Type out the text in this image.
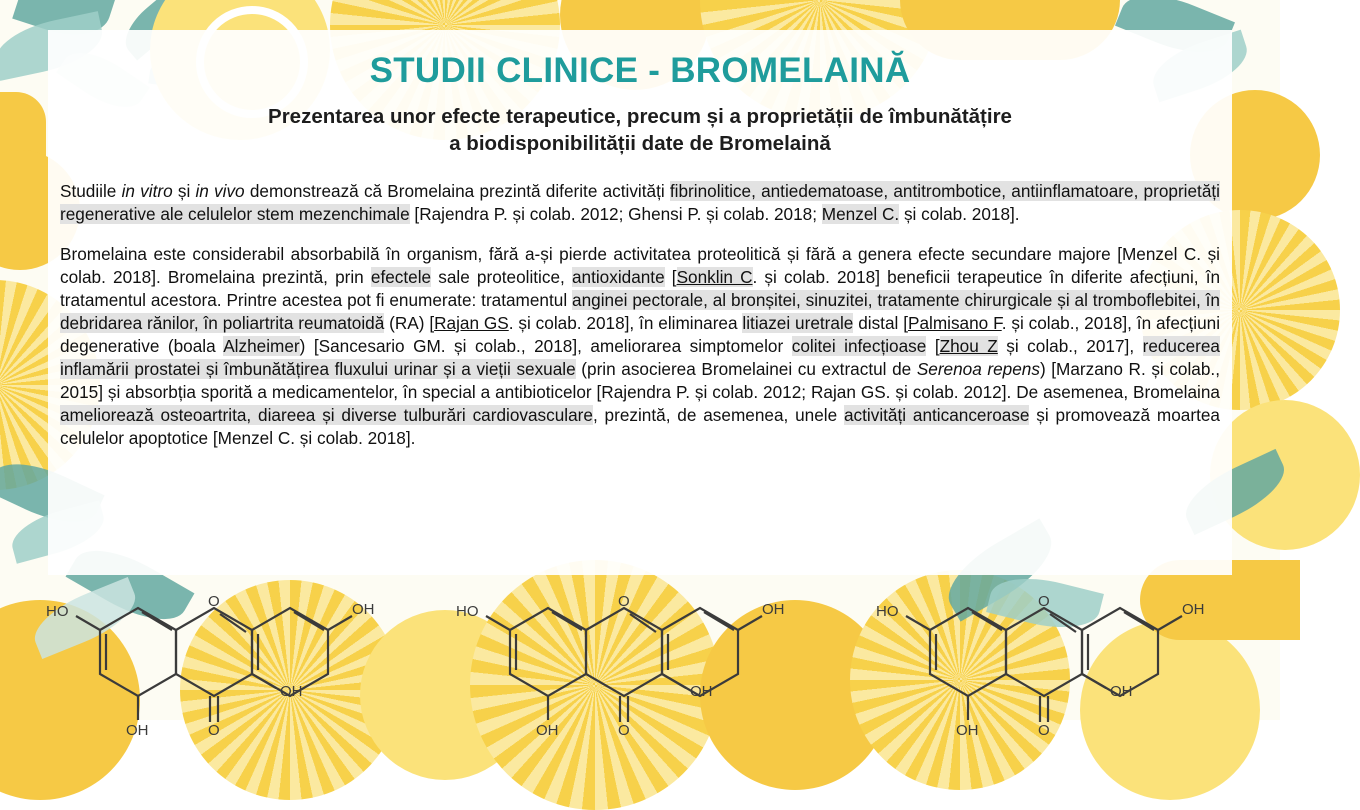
STUDII CLINICE - BROMELAINĂ
Prezentarea unor efecte terapeutice, precum și a proprietății de îmbunătățire
a biodisponibilității date de Bromelaină

Studiile in vitro și in vivo demonstrează că Bromelaina prezintă diferite activități fibrinolitice, antiedematoase, antitrombotice, antiinflamatoare, proprietăți regenerative ale celulelor stem mezenchimale [Rajendra P. și colab. 2012; Ghensi P. și colab. 2018; Menzel C. și colab. 2018].

Bromelaina este considerabil absorbabilă în organism, fără a-și pierde activitatea proteolitică și fără a genera efecte secundare majore [Menzel C. și colab. 2018]. Bromelaina prezintă, prin efectele sale proteolitice, antioxidante [Sonklin C. și colab. 2018] beneficii terapeutice în diferite afecțiuni, în tratamentul acestora. Printre acestea pot fi enumerate: tratamentul anginei pectorale, al bronșitei, sinuzitei, tratamente chirurgicale și al tromboflebitei, în debridarea rănilor, în poliartrita reumatoidă (RA) [Rajan GS. și colab. 2018], în eliminarea litiazei uretrale distal [Palmisano F. și colab., 2018], în afecțiuni degenerative (boala Alzheimer) [Sancesario GM. și colab., 2018], ameliorarea simptomelor colitei infecțioase [Zhou Z și colab., 2017], reducerea inflamării prostatei și îmbunătățirea fluxului urinar și a vieții sexuale (prin asocierea Bromelainei cu extractul de Serenoa repens) [Marzano R. și colab., 2015] și absorbția sporită a medicamentelor, în special a antibioticelor [Rajendra P. și colab. 2012; Rajan GS. și colab. 2012]. De asemenea, Bromelaina ameliorează osteoartrita, diareea și diverse tulburări cardiovasculare, prezintă, de asemenea, unele activități anticanceroase și promovează moartea celulelor apoptotice [Menzel C. și colab. 2018].

HO
O
OH
OH
O
OH	HO
O
OH
OH
O
OH	HO
O
OH
OH
O
OH
